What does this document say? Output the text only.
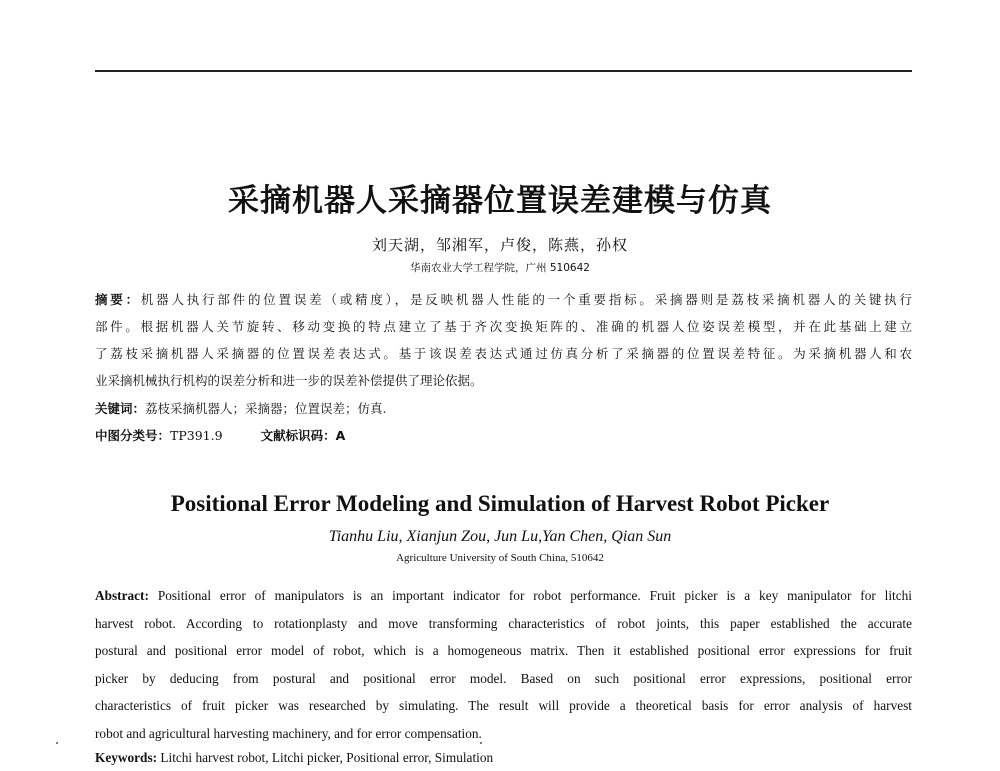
采摘机器人采摘器位置误差建模与仿真
刘天湖，邹湘军，卢俊，陈燕，孙权
华南农业大学工程学院，广州 510642
摘要：机器人执行部件的位置误差（或精度），是反映机器人性能的一个重要指标。采摘器则是荔枝采摘机器人的关键执行
部件。根据机器人关节旋转、移动变换的特点建立了基于齐次变换矩阵的、准确的机器人位姿误差模型，并在此基础上建立
了荔枝采摘机器人采摘器的位置误差表达式。基于该误差表达式通过仿真分析了采摘器的位置误差特征。为采摘机器人和农
业采摘机械执行机构的误差分析和进一步的误差补偿提供了理论依据。
关键词：荔枝采摘机器人；采摘器；位置误差；仿真.
中图分类号：TP391.9	文献标识码：A
Positional Error Modeling and Simulation of Harvest Robot Picker
Tianhu Liu, Xianjun Zou, Jun Lu,Yan Chen, Qian Sun
Agriculture University of South China, 510642
Abstract: Positional error of manipulators is an important indicator for robot performance. Fruit picker is a key manipulator for litchi
harvest robot. According to rotationplasty and move transforming characteristics of robot joints, this paper established the accurate
postural and positional error model of robot, which is a homogeneous matrix. Then it established positional error expressions for fruit
picker by deducing from postural and positional error model. Based on such positional error expressions, positional error
characteristics of fruit picker was researched by simulating. The result will provide a theoretical basis for error analysis of harvest
robot and agricultural harvesting machinery, and for error compensation.
Keywords: Litchi harvest robot, Litchi picker, Positional error, Simulation
